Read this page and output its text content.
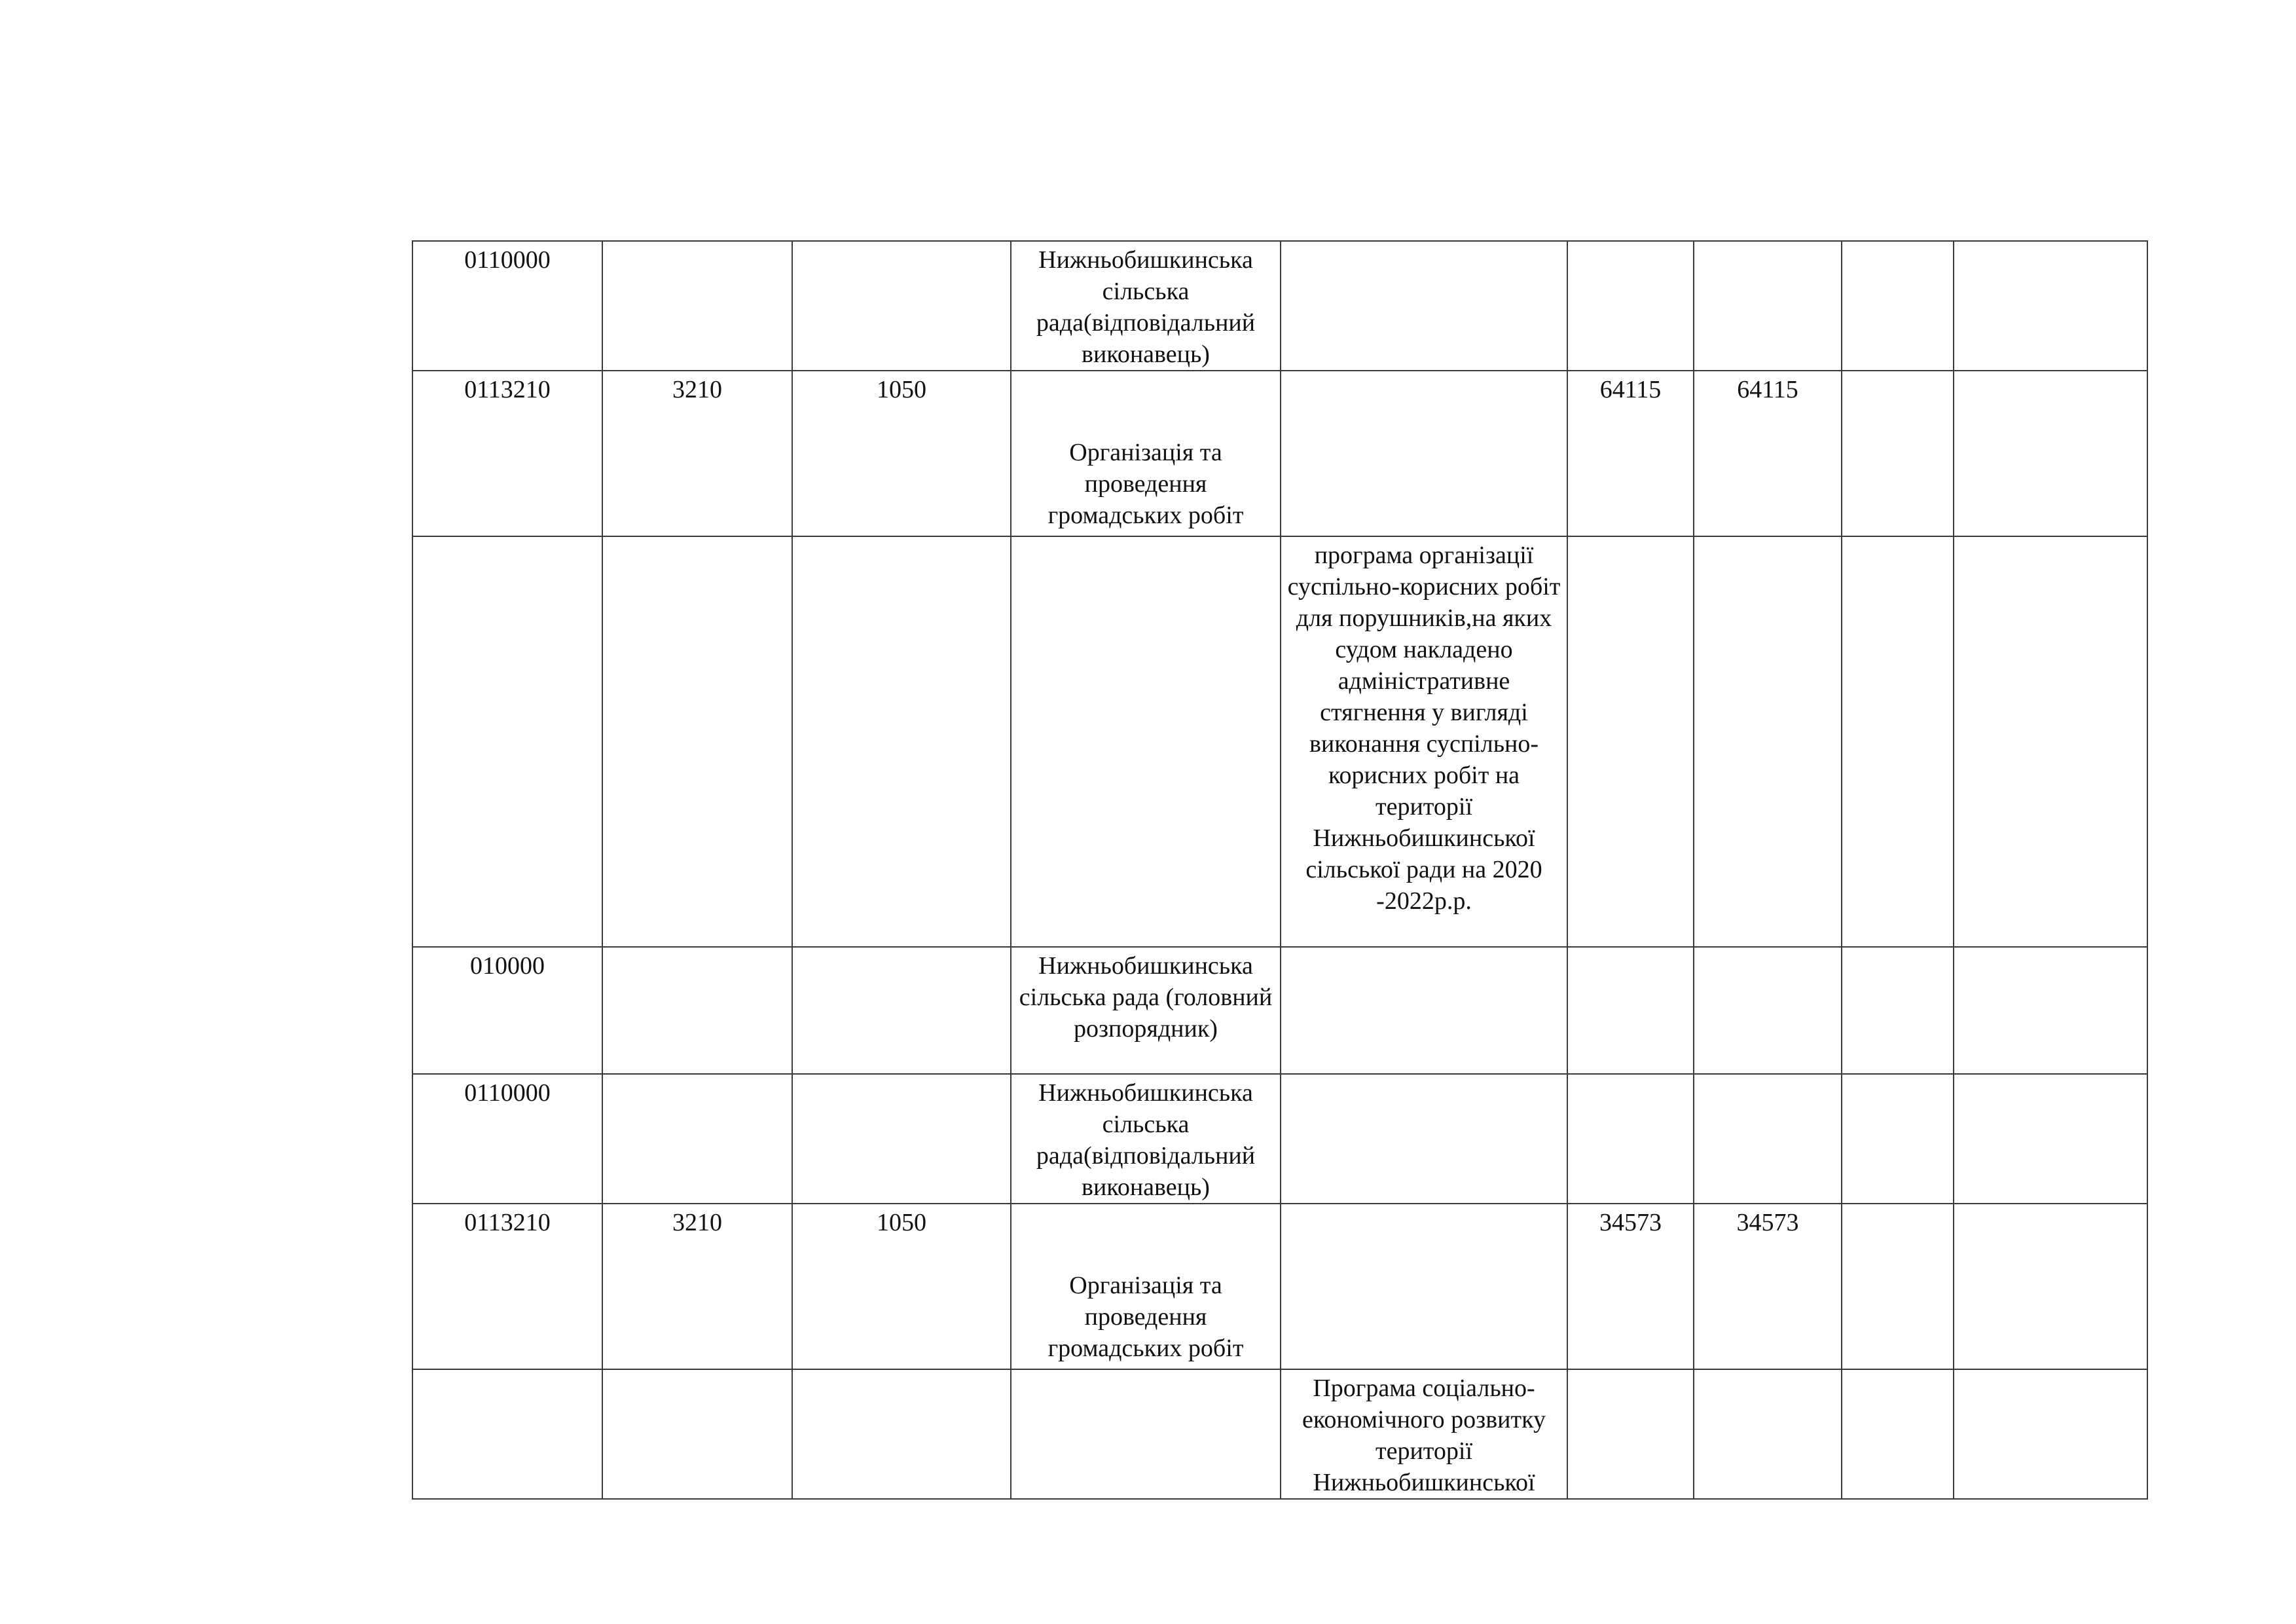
0110000			Нижньобишкинська сільська рада(відповідальний виконавець)					
0113210	3210	1050	Організація та проведення громадських робіт		64115	64115		
				програма організації суспільно-корисних робіт для порушників,на яких судом накладено адміністративне стягнення у вигляді виконання суспільно-корисних робіт на території Нижньобишкинської сільської ради на 2020 -2022р.р.				
010000			Нижньобишкинська сільська рада (головний розпорядник)					
0110000			Нижньобишкинська сільська рада(відповідальний виконавець)					
0113210	3210	1050	Організація та проведення громадських робіт		34573	34573		
				Програма соціально-економічного розвитку території Нижньобишкинської				
